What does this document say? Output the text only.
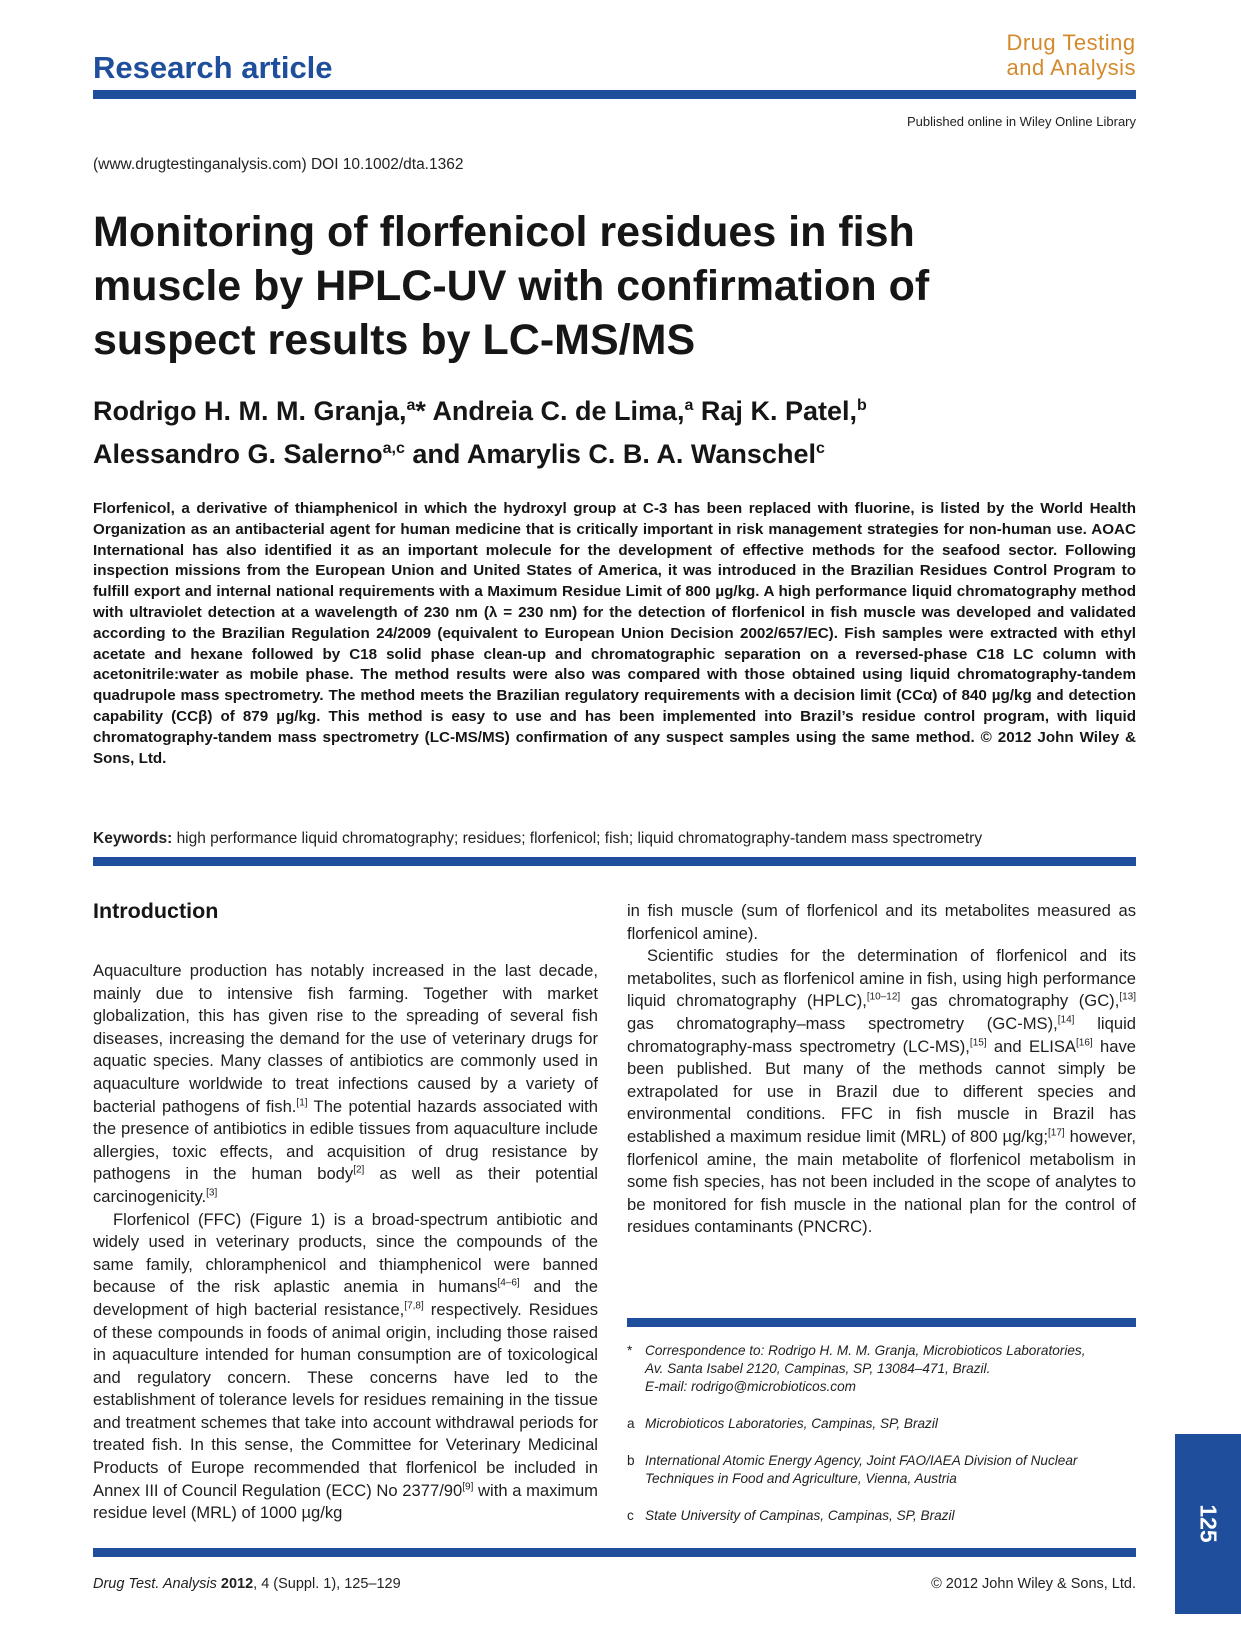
Research article
Drug Testing
and Analysis
Published online in Wiley Online Library
(www.drugtestinganalysis.com) DOI 10.1002/dta.1362
Monitoring of florfenicol residues in fish muscle by HPLC-UV with confirmation of suspect results by LC-MS/MS
Rodrigo H. M. M. Granja,$^a$* Andreia C. de Lima,$^a$ Raj K. Patel,$^b$
Alessandro G. Salerno$^{a,c}$ and Amarylis C. B. A. Wanschel$^c$

Florfenicol, a derivative of thiamphenicol in which the hydroxyl group at C-3 has been replaced with fluorine, is listed by the World Health Organization as an antibacterial agent for human medicine that is critically important in risk management strategies for non-human use. AOAC International has also identified it as an important molecule for the development of effective methods for the seafood sector. Following inspection missions from the European Union and United States of America, it was introduced in the Brazilian Residues Control Program to fulfill export and internal national requirements with a Maximum Residue Limit of 800 µg/kg. A high performance liquid chromatography method with ultraviolet detection at a wavelength of 230 nm (λ = 230 nm) for the detection of florfenicol in fish muscle was developed and validated according to the Brazilian Regulation 24/2009 (equivalent to European Union Decision 2002/657/EC). Fish samples were extracted with ethyl acetate and hexane followed by C18 solid phase clean-up and chromatographic separation on a reversed-phase C18 LC column with acetonitrile:water as mobile phase. The method results were also was compared with those obtained using liquid chromatography-tandem quadrupole mass spectrometry. The method meets the Brazilian regulatory requirements with a decision limit (CCα) of 840 µg/kg and detection capability (CCβ) of 879 µg/kg. This method is easy to use and has been implemented into Brazil’s residue control program, with liquid chromatography-tandem mass spectrometry (LC-MS/MS) confirmation of any suspect samples using the same method. © 2012 John Wiley & Sons, Ltd.

Keywords: high performance liquid chromatography; residues; florfenicol; fish; liquid chromatography-tandem mass spectrometry
Introduction

Aquaculture production has notably increased in the last decade, mainly due to intensive fish farming. Together with market globalization, this has given rise to the spreading of several fish diseases, increasing the demand for the use of veterinary drugs for aquatic species. Many classes of antibiotics are commonly used in aquaculture worldwide to treat infections caused by a variety of bacterial pathogens of fish.[1] The potential hazards associated with the presence of antibiotics in edible tissues from aquaculture include allergies, toxic effects, and acquisition of drug resistance by pathogens in the human body[2] as well as their potential carcinogenicity.[3]

Florfenicol (FFC) (Figure 1) is a broad-spectrum antibiotic and widely used in veterinary products, since the compounds of the same family, chloramphenicol and thiamphenicol were banned because of the risk aplastic anemia in humans[4–6] and the development of high bacterial resistance,[7,8] respectively. Residues of these compounds in foods of animal origin, including those raised in aquaculture intended for human consumption are of toxicological and regulatory concern. These concerns have led to the establishment of tolerance levels for residues remaining in the tissue and treatment schemes that take into account withdrawal periods for treated fish. In this sense, the Committee for Veterinary Medicinal Products of Europe recommended that florfenicol be included in Annex III of Council Regulation (ECC) No 2377/90[9] with a maximum residue level (MRL) of 1000 µg/kg

in fish muscle (sum of florfenicol and its metabolites measured as florfenicol amine).

Scientific studies for the determination of florfenicol and its metabolites, such as florfenicol amine in fish, using high performance liquid chromatography (HPLC),[10–12] gas chromatography (GC),[13] gas chromatography–mass spectrometry (GC-MS),[14] liquid chromatography-mass spectrometry (LC-MS),[15] and ELISA[16] have been published. But many of the methods cannot simply be extrapolated for use in Brazil due to different species and environmental conditions. FFC in fish muscle in Brazil has established a maximum residue limit (MRL) of 800 µg/kg;[17] however, florfenicol amine, the main metabolite of florfenicol metabolism in some fish species, has not been included in the scope of analytes to be monitored for fish muscle in the national plan for the control of residues contaminants (PNCRC).

* Correspondence to: Rodrigo H. M. M. Granja, Microbioticos Laboratories,
Av. Santa Isabel 2120, Campinas, SP, 13084–471, Brazil.
E-mail: rodrigo@microbioticos.com
a Microbioticos Laboratories, Campinas, SP, Brazil
b International Atomic Energy Agency, Joint FAO/IAEA Division of Nuclear
Techniques in Food and Agriculture, Vienna, Austria
c State University of Campinas, Campinas, SP, Brazil	125
Drug Test. Analysis 2012, 4 (Suppl. 1), 125–129	© 2012 John Wiley & Sons, Ltd.
